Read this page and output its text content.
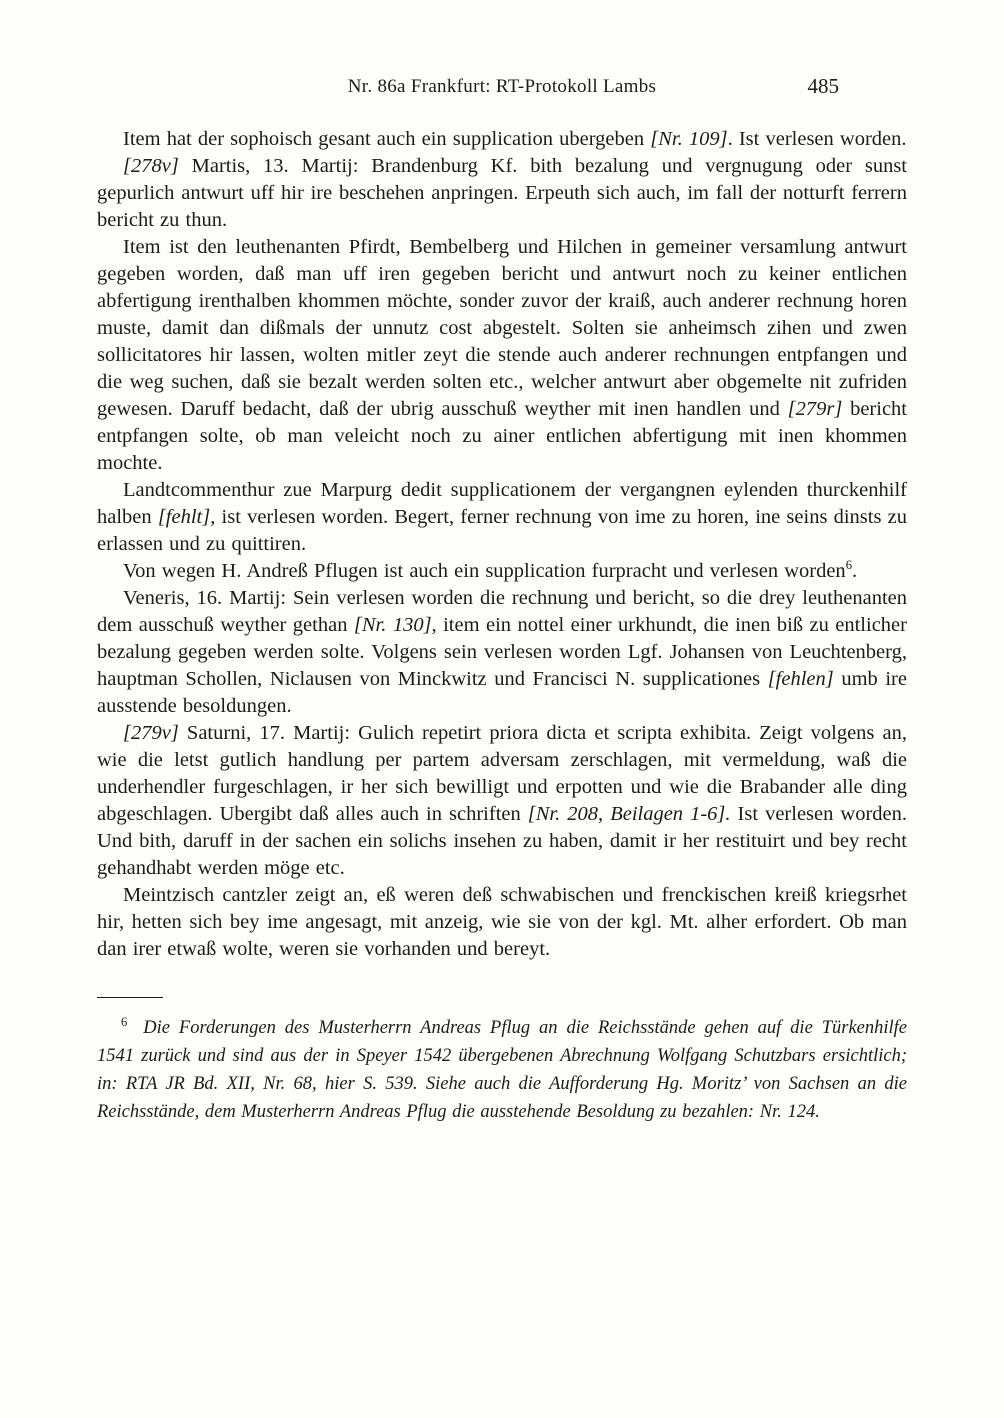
Nr. 86a Frankfurt: RT-Protokoll Lambs	485

Item hat der sophoisch gesant auch ein supplication ubergeben [Nr. 109]. Ist verlesen worden.

[278v] Martis, 13. Martij: Brandenburg Kf. bith bezalung und vergnugung oder sunst gepurlich antwurt uff hir ire beschehen anpringen. Erpeuth sich auch, im fall der notturft ferrern bericht zu thun.

Item ist den leuthenanten Pfirdt, Bembelberg und Hilchen in gemeiner versamlung antwurt gegeben worden, daß man uff iren gegeben bericht und antwurt noch zu keiner entlichen abfertigung irenthalben khommen möchte, sonder zuvor der kraiß, auch anderer rechnung horen muste, damit dan dißmals der unnutz cost abgestelt. Solten sie anheimsch zihen und zwen sollicitatores hir lassen, wolten mitler zeyt die stende auch anderer rechnungen entpfangen und die weg suchen, daß sie bezalt werden solten etc., welcher antwurt aber obgemelte nit zufriden gewesen. Daruff bedacht, daß der ubrig ausschuß weyther mit inen handlen und [279r] bericht entpfangen solte, ob man veleicht noch zu ainer entlichen abfertigung mit inen khommen mochte.

Landtcommenthur zue Marpurg dedit supplicationem der vergangnen eylenden thurckenhilf halben [fehlt], ist verlesen worden. Begert, ferner rechnung von ime zu horen, ine seins dinsts zu erlassen und zu quittiren.

Von wegen H. Andreß Pflugen ist auch ein supplication furpracht und verlesen worden$^6$.

Veneris, 16. Martij: Sein verlesen worden die rechnung und bericht, so die drey leuthenanten dem ausschuß weyther gethan [Nr. 130], item ein nottel einer urkhundt, die inen biß zu entlicher bezalung gegeben werden solte. Volgens sein verlesen worden Lgf. Johansen von Leuchtenberg, hauptman Schollen, Niclausen von Minckwitz und Francisci N. supplicationes [fehlen] umb ire ausstende besoldungen.

[279v] Saturni, 17. Martij: Gulich repetirt priora dicta et scripta exhibita. Zeigt volgens an, wie die letst gutlich handlung per partem adversam zerschlagen, mit vermeldung, waß die underhendler furgeschlagen, ir her sich bewilligt und erpotten und wie die Brabander alle ding abgeschlagen. Ubergibt daß alles auch in schriften [Nr. 208, Beilagen 1-6]. Ist verlesen worden. Und bith, daruff in der sachen ein solichs insehen zu haben, damit ir her restituirt und bey recht gehandhabt werden möge etc.

Meintzisch cantzler zeigt an, eß weren deß schwabischen und frenckischen kreiß kriegsrhet hir, hetten sich bey ime angesagt, mit anzeig, wie sie von der kgl. Mt. alher erfordert. Ob man dan irer etwaß wolte, weren sie vorhanden und bereyt.

$^6$ Die Forderungen des Musterherrn Andreas Pflug an die Reichsstände gehen auf die Türkenhilfe 1541 zurück und sind aus der in Speyer 1542 übergebenen Abrechnung Wolfgang Schutzbars ersichtlich; in: RTA JR Bd. XII, Nr. 68, hier S. 539. Siehe auch die Aufforderung Hg. Moritz’ von Sachsen an die Reichsstände, dem Musterherrn Andreas Pflug die ausstehende Besoldung zu bezahlen: Nr. 124.
